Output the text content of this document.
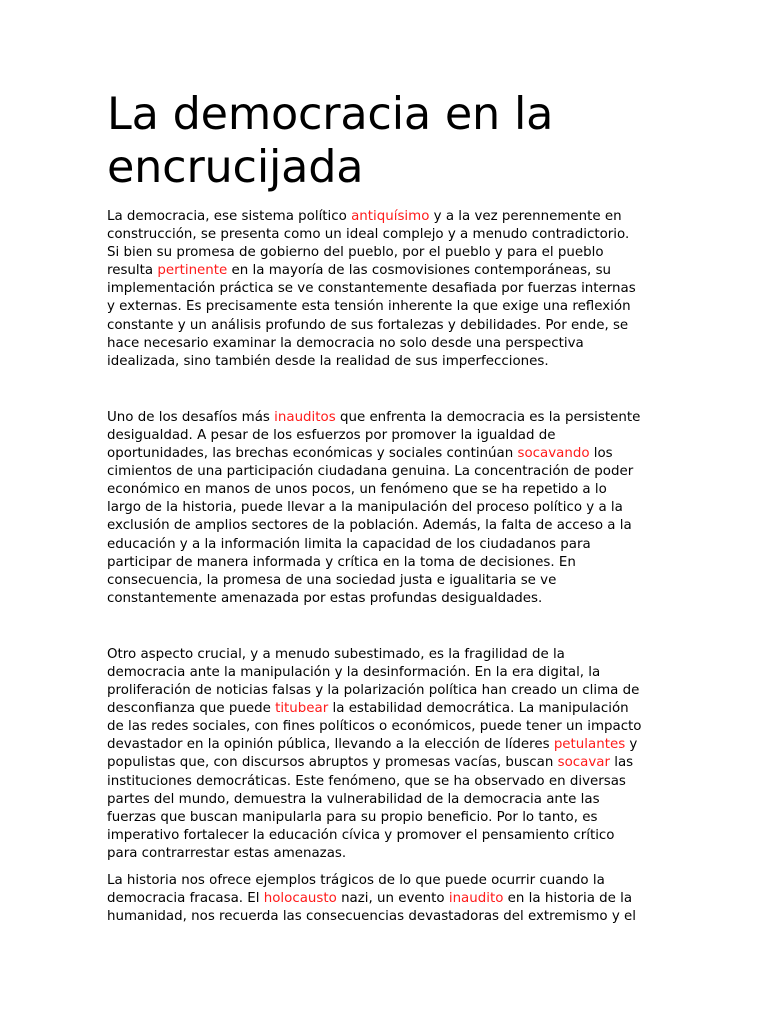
La democracia en la encrucijada

La democracia, ese sistema político antiquísimo y a la vez perennemente en
construcción, se presenta como un ideal complejo y a menudo contradictorio.
Si bien su promesa de gobierno del pueblo, por el pueblo y para el pueblo
resulta pertinente en la mayoría de las cosmovisiones contemporáneas, su
implementación práctica se ve constantemente desafiada por fuerzas internas
y externas. Es precisamente esta tensión inherente la que exige una reflexión
constante y un análisis profundo de sus fortalezas y debilidades. Por ende, se
hace necesario examinar la democracia no solo desde una perspectiva
idealizada, sino también desde la realidad de sus imperfecciones.

Uno de los desafíos más inauditos que enfrenta la democracia es la persistente
desigualdad. A pesar de los esfuerzos por promover la igualdad de
oportunidades, las brechas económicas y sociales continúan socavando los
cimientos de una participación ciudadana genuina. La concentración de poder
económico en manos de unos pocos, un fenómeno que se ha repetido a lo
largo de la historia, puede llevar a la manipulación del proceso político y a la
exclusión de amplios sectores de la población. Además, la falta de acceso a la
educación y a la información limita la capacidad de los ciudadanos para
participar de manera informada y crítica en la toma de decisiones. En
consecuencia, la promesa de una sociedad justa e igualitaria se ve
constantemente amenazada por estas profundas desigualdades.

Otro aspecto crucial, y a menudo subestimado, es la fragilidad de la
democracia ante la manipulación y la desinformación. En la era digital, la
proliferación de noticias falsas y la polarización política han creado un clima de
desconfianza que puede titubear la estabilidad democrática. La manipulación
de las redes sociales, con fines políticos o económicos, puede tener un impacto
devastador en la opinión pública, llevando a la elección de líderes petulantes y
populistas que, con discursos abruptos y promesas vacías, buscan socavar las
instituciones democráticas. Este fenómeno, que se ha observado en diversas
partes del mundo, demuestra la vulnerabilidad de la democracia ante las
fuerzas que buscan manipularla para su propio beneficio. Por lo tanto, es
imperativo fortalecer la educación cívica y promover el pensamiento crítico
para contrarrestar estas amenazas.

La historia nos ofrece ejemplos trágicos de lo que puede ocurrir cuando la
democracia fracasa. El holocausto nazi, un evento inaudito en la historia de la
humanidad, nos recuerda las consecuencias devastadoras del extremismo y el
